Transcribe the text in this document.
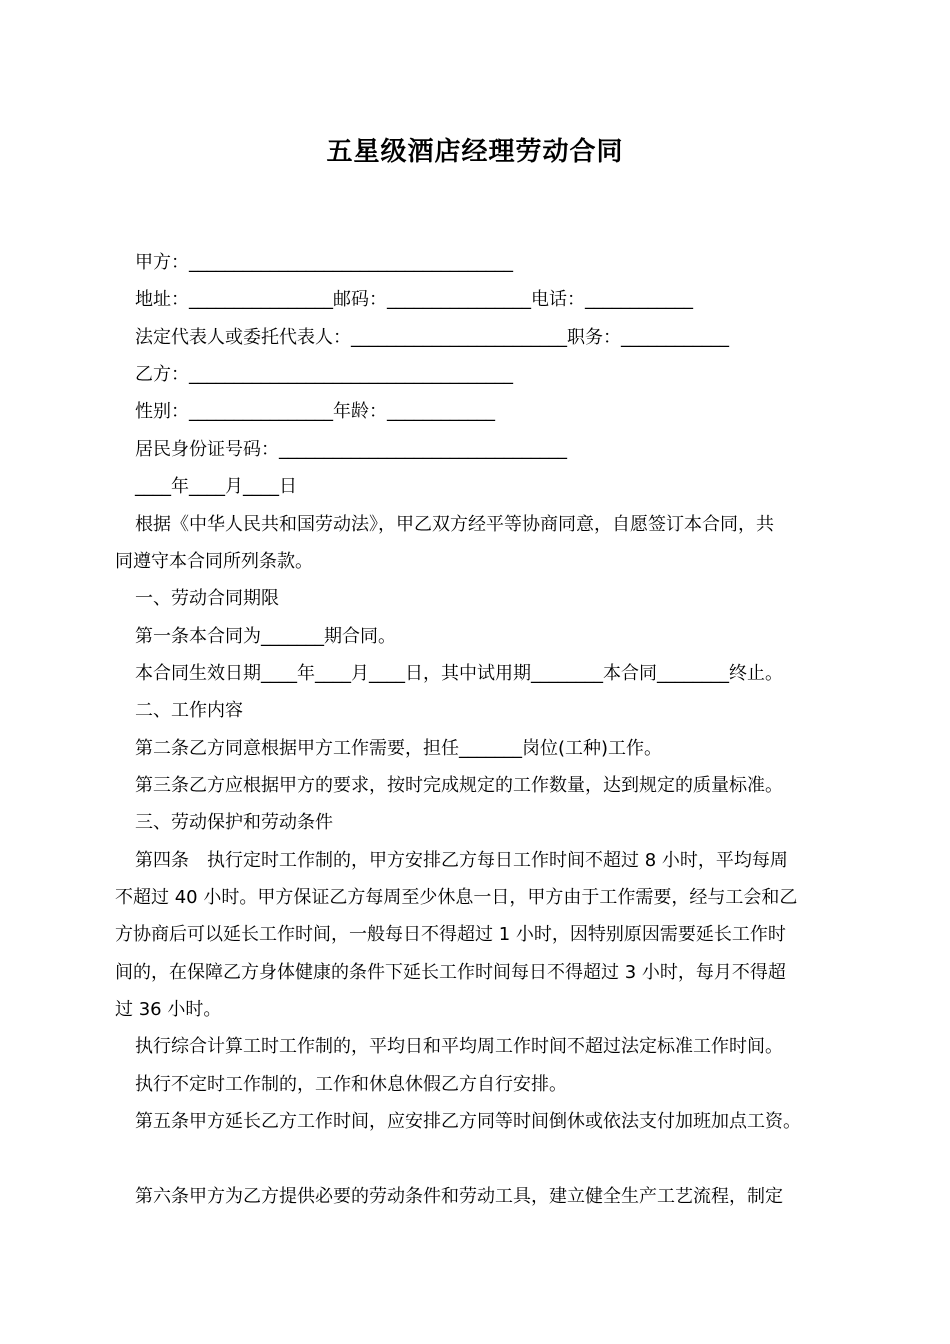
五星级酒店经理劳动合同
甲方：____________________________________
地址：________________邮码：________________电话：____________
法定代表人或委托代表人：________________________职务：____________
乙方：____________________________________
性别：________________年龄：____________
居民身份证号码：________________________________
____年____月____日
根据《中华人民共和国劳动法》，甲乙双方经平等协商同意，自愿签订本合同，共
同遵守本合同所列条款。
一、劳动合同期限
第一条本合同为_______期合同。
本合同生效日期____年____月____日，其中试用期________本合同________终止。
二、工作内容
第二条乙方同意根据甲方工作需要，担任_______岗位(工种)工作。
第三条乙方应根据甲方的要求，按时完成规定的工作数量，达到规定的质量标准。
三、劳动保护和劳动条件
第四条　执行定时工作制的，甲方安排乙方每日工作时间不超过 8 小时，平均每周
不超过 40 小时。甲方保证乙方每周至少休息一日，甲方由于工作需要，经与工会和乙
方协商后可以延长工作时间，一般每日不得超过 1 小时，因特别原因需要延长工作时
间的，在保障乙方身体健康的条件下延长工作时间每日不得超过 3 小时，每月不得超
过 36 小时。
执行综合计算工时工作制的，平均日和平均周工作时间不超过法定标准工作时间。
执行不定时工作制的，工作和休息休假乙方自行安排。
第五条甲方延长乙方工作时间，应安排乙方同等时间倒休或依法支付加班加点工资。
第六条甲方为乙方提供必要的劳动条件和劳动工具，建立健全生产工艺流程，制定
